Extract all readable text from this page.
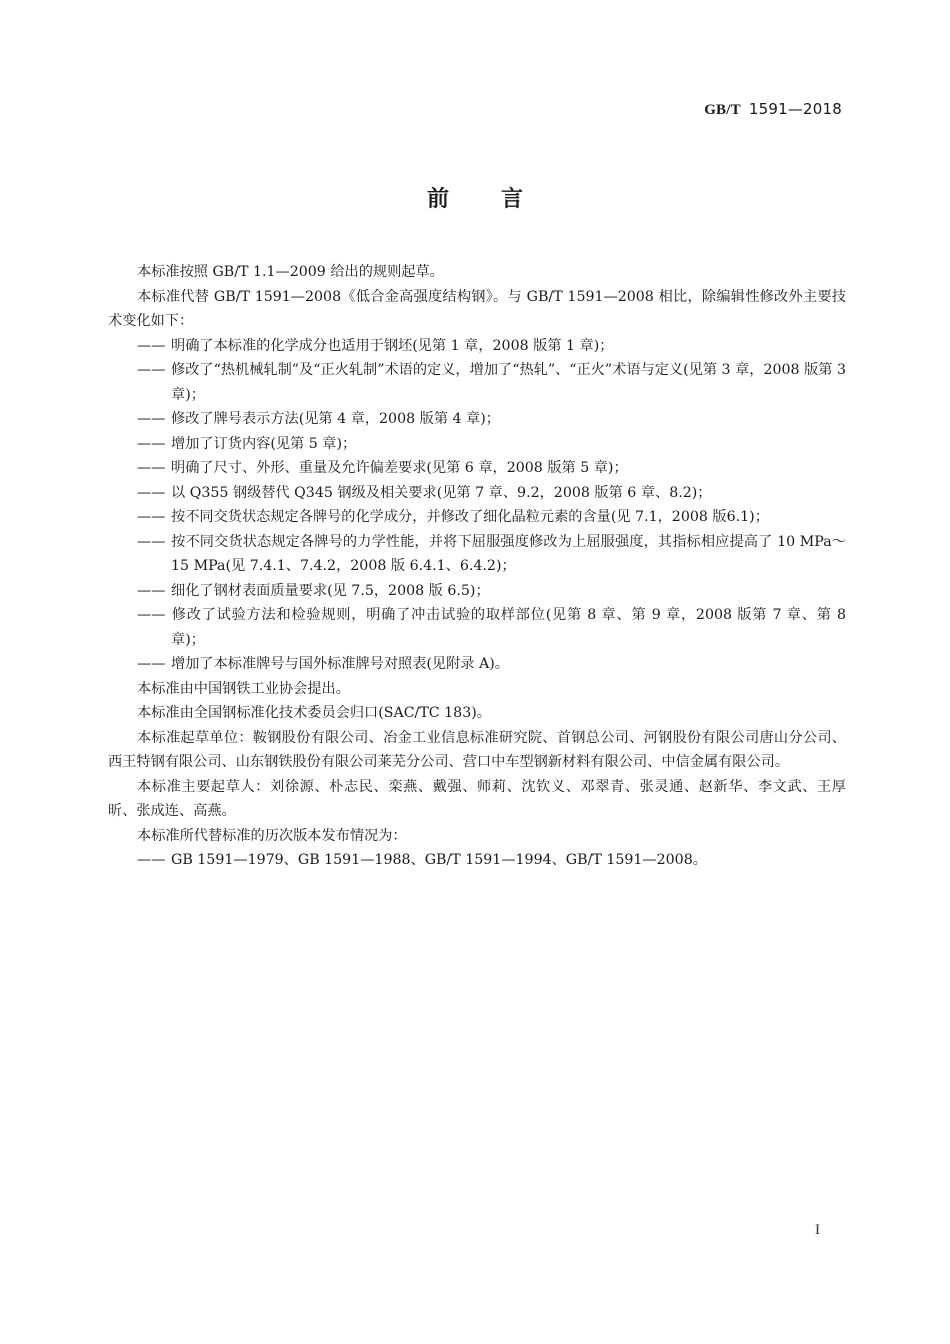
GB/T 1591—2018
前言

本标准按照 GB/T 1.1—2009 给出的规则起草。

本标准代替 GB/T 1591—2008《低合金高强度结构钢》。与 GB/T 1591—2008 相比，除编辑性修改外主要技术变化如下：

—— 明确了本标准的化学成分也适用于钢坯(见第 1 章，2008 版第 1 章)；

—— 修改了“热机械轧制”及“正火轧制”术语的定义，增加了“热轧”、“正火”术语与定义(见第 3 章，2008 版第 3 章)；

—— 修改了牌号表示方法(见第 4 章，2008 版第 4 章)；

—— 增加了订货内容(见第 5 章)；

—— 明确了尺寸、外形、重量及允许偏差要求(见第 6 章，2008 版第 5 章)；

—— 以 Q355 钢级替代 Q345 钢级及相关要求(见第 7 章、9.2，2008 版第 6 章、8.2)；

—— 按不同交货状态规定各牌号的化学成分，并修改了细化晶粒元素的含量(见 7.1，2008 版6.1)；

—— 按不同交货状态规定各牌号的力学性能，并将下屈服强度修改为上屈服强度，其指标相应提高了 10 MPa～15 MPa(见 7.4.1、7.4.2，2008 版 6.4.1、6.4.2)；

—— 细化了钢材表面质量要求(见 7.5，2008 版 6.5)；

—— 修改了试验方法和检验规则，明确了冲击试验的取样部位(见第 8 章、第 9 章，2008 版第 7 章、第 8 章)；

—— 增加了本标准牌号与国外标准牌号对照表(见附录 A)。

本标准由中国钢铁工业协会提出。

本标准由全国钢标准化技术委员会归口(SAC/TC 183)。

本标准起草单位：鞍钢股份有限公司、冶金工业信息标准研究院、首钢总公司、河钢股份有限公司唐山分公司、西王特钢有限公司、山东钢铁股份有限公司莱芜分公司、营口中车型钢新材料有限公司、中信金属有限公司。

本标准主要起草人：刘徐源、朴志民、栾燕、戴强、师莉、沈钦义、邓翠青、张灵通、赵新华、李文武、王厚昕、张成连、高燕。

本标准所代替标准的历次版本发布情况为：

—— GB 1591—1979、GB 1591—1988、GB/T 1591—1994、GB/T 1591—2008。

I
